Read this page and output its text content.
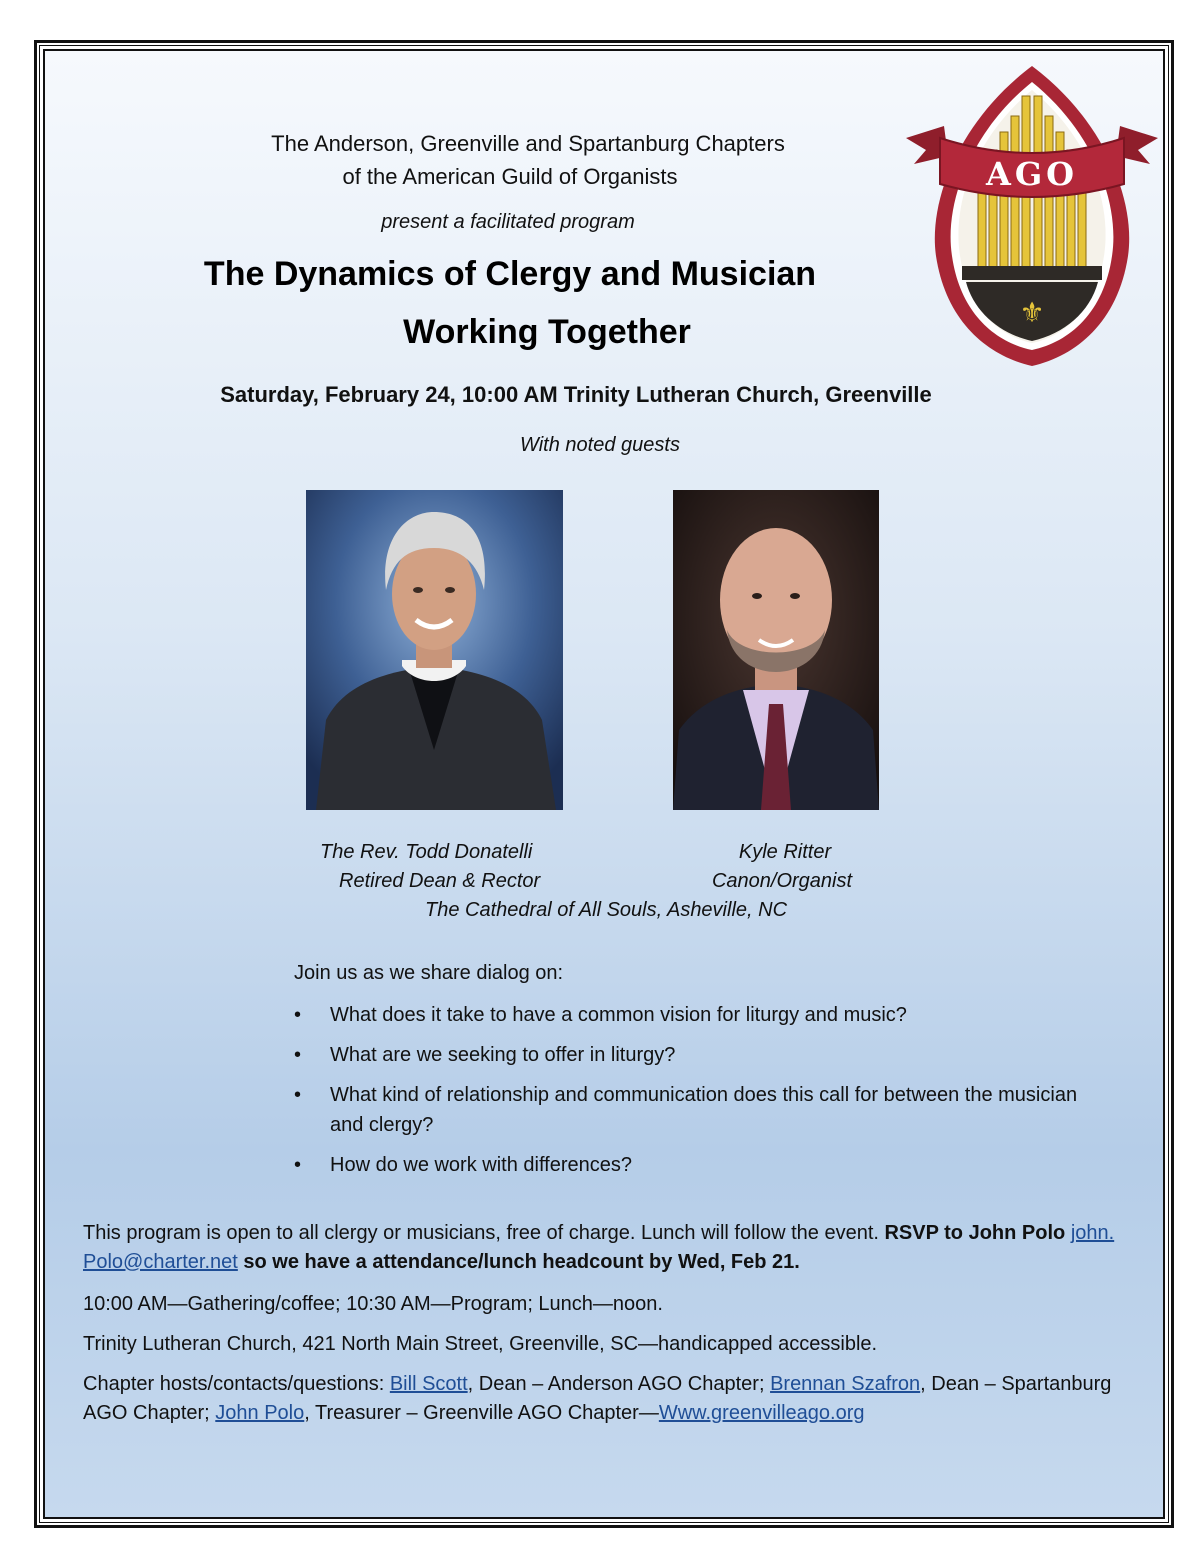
The Anderson, Greenville and Spartanburg Chapters
of the American Guild of Organists
present a facilitated program
⚜
AGO
The Dynamics of Clergy and Musician
Working Together
Saturday, February 24, 10:00 AM Trinity Lutheran Church, Greenville
With noted guests
The Rev. Todd Donatelli	Kyle Ritter
Retired Dean & Rector	Canon/Organist
The Cathedral of All Souls, Asheville, NC
Join us as we share dialog on:
• What does it take to have a common vision for liturgy and music?
• What are we seeking to offer in liturgy?
• What kind of relationship and communication does this call for between the musician and clergy?
• How do we work with differences?
This program is open to all clergy or musicians, free of charge. Lunch will follow the event. RSVP to John Polo john. Polo@charter.net so we have a attendance/lunch headcount by Wed, Feb 21.
10:00 AM—Gathering/coffee; 10:30 AM—Program; Lunch—noon.
Trinity Lutheran Church, 421 North Main Street, Greenville, SC—handicapped accessible.
Chapter hosts/contacts/questions: Bill Scott, Dean – Anderson AGO Chapter; Brennan Szafron, Dean – Spartanburg AGO Chapter; John Polo, Treasurer – Greenville AGO Chapter—Www.greenvilleago.org
